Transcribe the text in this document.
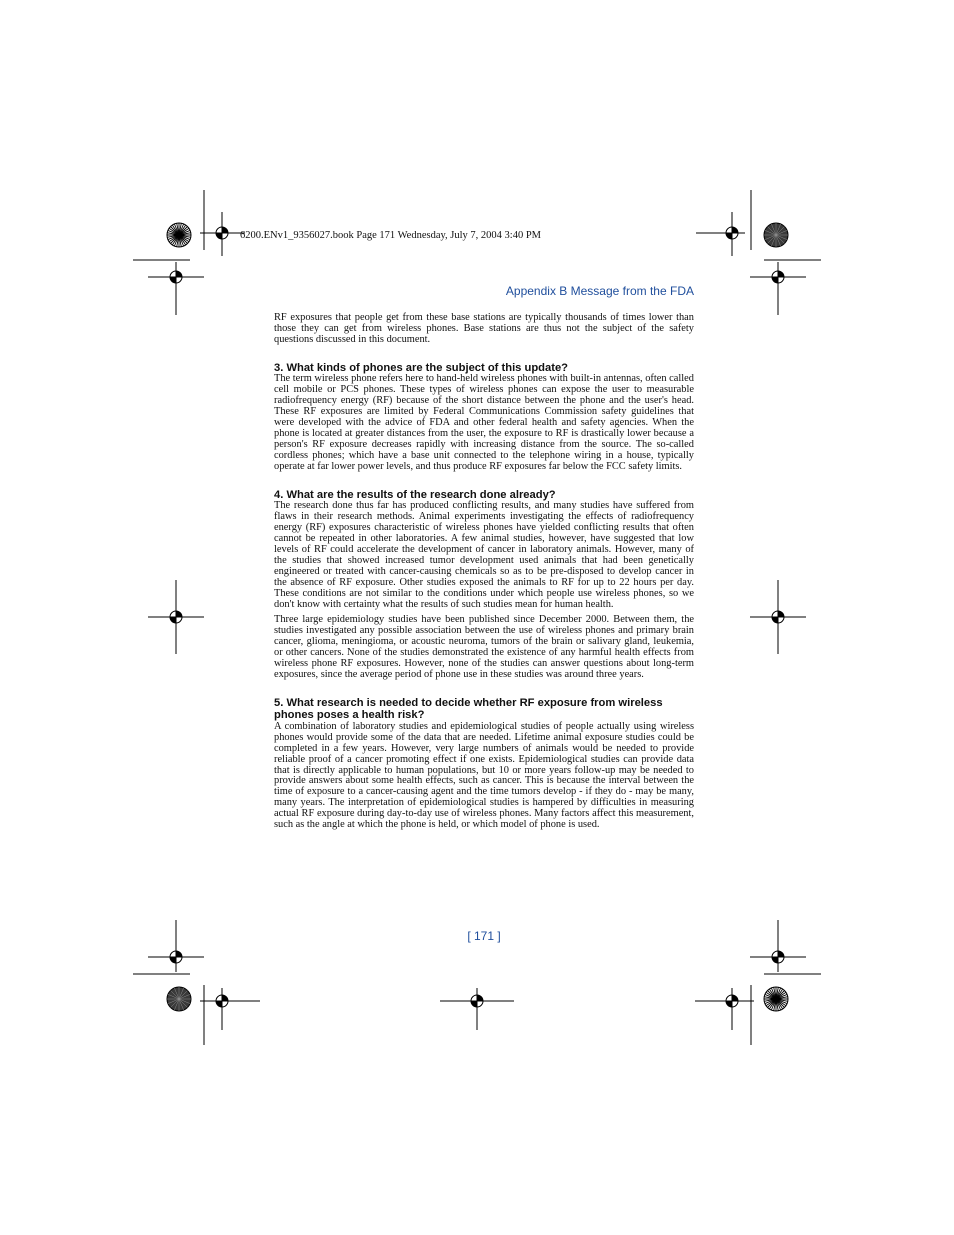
6200.ENv1_9356027.book Page 171 Wednesday, July 7, 2004 3:40 PM
Appendix B Message from the FDA

RF exposures that people get from these base stations are typically thousands of times lower than those they can get from wireless phones. Base stations are thus not the subject of the safety questions discussed in this document.

3. What kinds of phones are the subject of this update?

The term wireless phone refers here to hand-held wireless phones with built-in antennas, often called cell mobile or PCS phones. These types of wireless phones can expose the user to measurable radiofrequency energy (RF) because of the short distance between the phone and the user's head. These RF exposures are limited by Federal Communications Commission safety guidelines that were developed with the advice of FDA and other federal health and safety agencies. When the phone is located at greater distances from the user, the exposure to RF is drastically lower because a person's RF exposure decreases rapidly with increasing distance from the source. The so-called cordless phones; which have a base unit connected to the telephone wiring in a house, typically operate at far lower power levels, and thus produce RF exposures far below the FCC safety limits.

4. What are the results of the research done already?

The research done thus far has produced conflicting results, and many studies have suffered from flaws in their research methods. Animal experiments investigating the effects of radiofrequency energy (RF) exposures characteristic of wireless phones have yielded conflicting results that often cannot be repeated in other laboratories. A few animal studies, however, have suggested that low levels of RF could accelerate the development of cancer in laboratory animals. However, many of the studies that showed increased tumor development used animals that had been genetically engineered or treated with cancer-causing chemicals so as to be pre-disposed to develop cancer in the absence of RF exposure. Other studies exposed the animals to RF for up to 22 hours per day. These conditions are not similar to the conditions under which people use wireless phones, so we don't know with certainty what the results of such studies mean for human health.

Three large epidemiology studies have been published since December 2000. Between them, the studies investigated any possible association between the use of wireless phones and primary brain cancer, glioma, meningioma, or acoustic neuroma, tumors of the brain or salivary gland, leukemia, or other cancers. None of the studies demonstrated the existence of any harmful health effects from wireless phone RF exposures. However, none of the studies can answer questions about long-term exposures, since the average period of phone use in these studies was around three years.

5. What research is needed to decide whether RF exposure from wireless phones poses a health risk?

A combination of laboratory studies and epidemiological studies of people actually using wireless phones would provide some of the data that are needed. Lifetime animal exposure studies could be completed in a few years. However, very large numbers of animals would be needed to provide reliable proof of a cancer promoting effect if one exists. Epidemiological studies can provide data that is directly applicable to human populations, but 10 or more years follow-up may be needed to provide answers about some health effects, such as cancer. This is because the interval between the time of exposure to a cancer-causing agent and the time tumors develop - if they do - may be many, many years. The interpretation of epidemiological studies is hampered by difficulties in measuring actual RF exposure during day-to-day use of wireless phones. Many factors affect this measurement, such as the angle at which the phone is held, or which model of phone is used.

[ 171 ]
